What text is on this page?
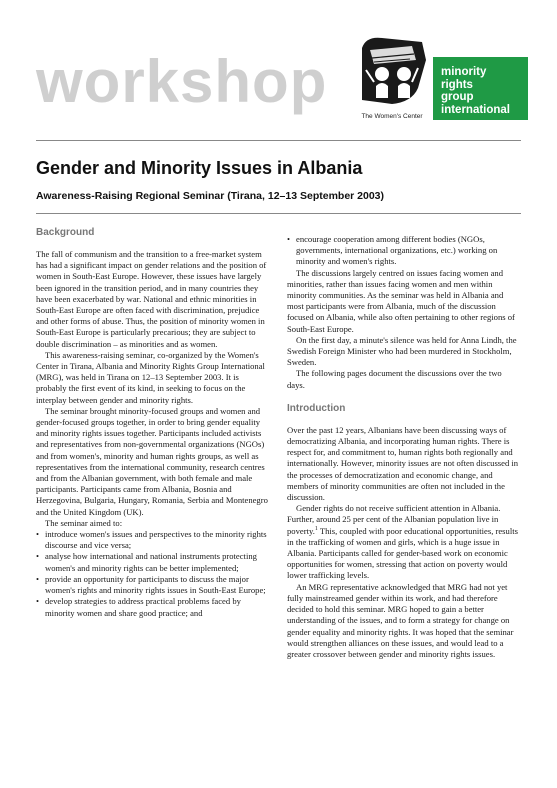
workshop
The Women's Center
minority
rights
group
international
Gender and Minority Issues in Albania
Awareness-Raising Regional Seminar (Tirana, 12–13 September 2003)
Background

The fall of communism and the transition to a free-market system has had a significant impact on gender relations and the position of women in South-East Europe. However, these issues have largely been ignored in the transition period, and in many countries they have been exacerbated by war. National and ethnic minorities in South-East Europe are often faced with discrimination, prejudice and other forms of abuse. Thus, the position of minority women in South-East Europe is particularly precarious; they are subject to double discrimination – as minorities and as women.

This awareness-raising seminar, co-organized by the Women's Center in Tirana, Albania and Minority Rights Group International (MRG), was held in Tirana on 12–13 September 2003. It is probably the first event of its kind, in seeking to focus on the interplay between gender and minority rights.

The seminar brought minority-focused groups and women and gender-focused groups together, in order to bring gender equality and minority rights issues together. Participants included activists and representatives from non-governmental organizations (NGOs) and from women's, minority and human rights groups, as well as representatives from the international community, research centres and from the Albanian government, with both female and male participants. Participants came from Albania, Bosnia and Herzegovina, Bulgaria, Hungary, Romania, Serbia and Montenegro and the United Kingdom (UK).

The seminar aimed to:

• introduce women's issues and perspectives to the minority rights discourse and vice versa;
• analyse how international and national instruments protecting women's and minority rights can be better implemented;
• provide an opportunity for participants to discuss the major women's rights and minority rights issues in South-East Europe;
• develop strategies to address practical problems faced by minority women and share good practice; and
• encourage cooperation among different bodies (NGOs, governments, international organizations, etc.) working on minority and women's rights.

The discussions largely centred on issues facing women and minorities, rather than issues facing women and men within minority communities. As the seminar was held in Albania and most participants were from Albania, much of the discussion focused on Albania, while also often pertaining to other regions of South-East Europe.

On the first day, a minute's silence was held for Anna Lindh, the Swedish Foreign Minister who had been murdered in Stockholm, Sweden.

The following pages document the discussions over the two days.

Introduction

Over the past 12 years, Albanians have been discussing ways of democratizing Albania, and incorporating human rights. There is respect for, and commitment to, human rights both regionally and internationally. However, minority issues are not often discussed in the processes of democratization and economic change, and members of minority communities are often not included in the discussion.

Gender rights do not receive sufficient attention in Albania. Further, around 25 per cent of the Albanian population live in poverty.$^1$ This, coupled with poor educational opportunities, results in the trafficking of women and girls, which is a huge issue in Albania. Participants called for gender-based work on economic opportunities for women, stressing that action on poverty would lower trafficking levels.

An MRG representative acknowledged that MRG had not yet fully mainstreamed gender within its work, and had therefore decided to hold this seminar. MRG hoped to gain a better understanding of the issues, and to form a strategy for change on gender equality and minority rights. It was hoped that the seminar would strengthen alliances on these issues, and would lead to a greater crossover between gender and minority rights issues.
